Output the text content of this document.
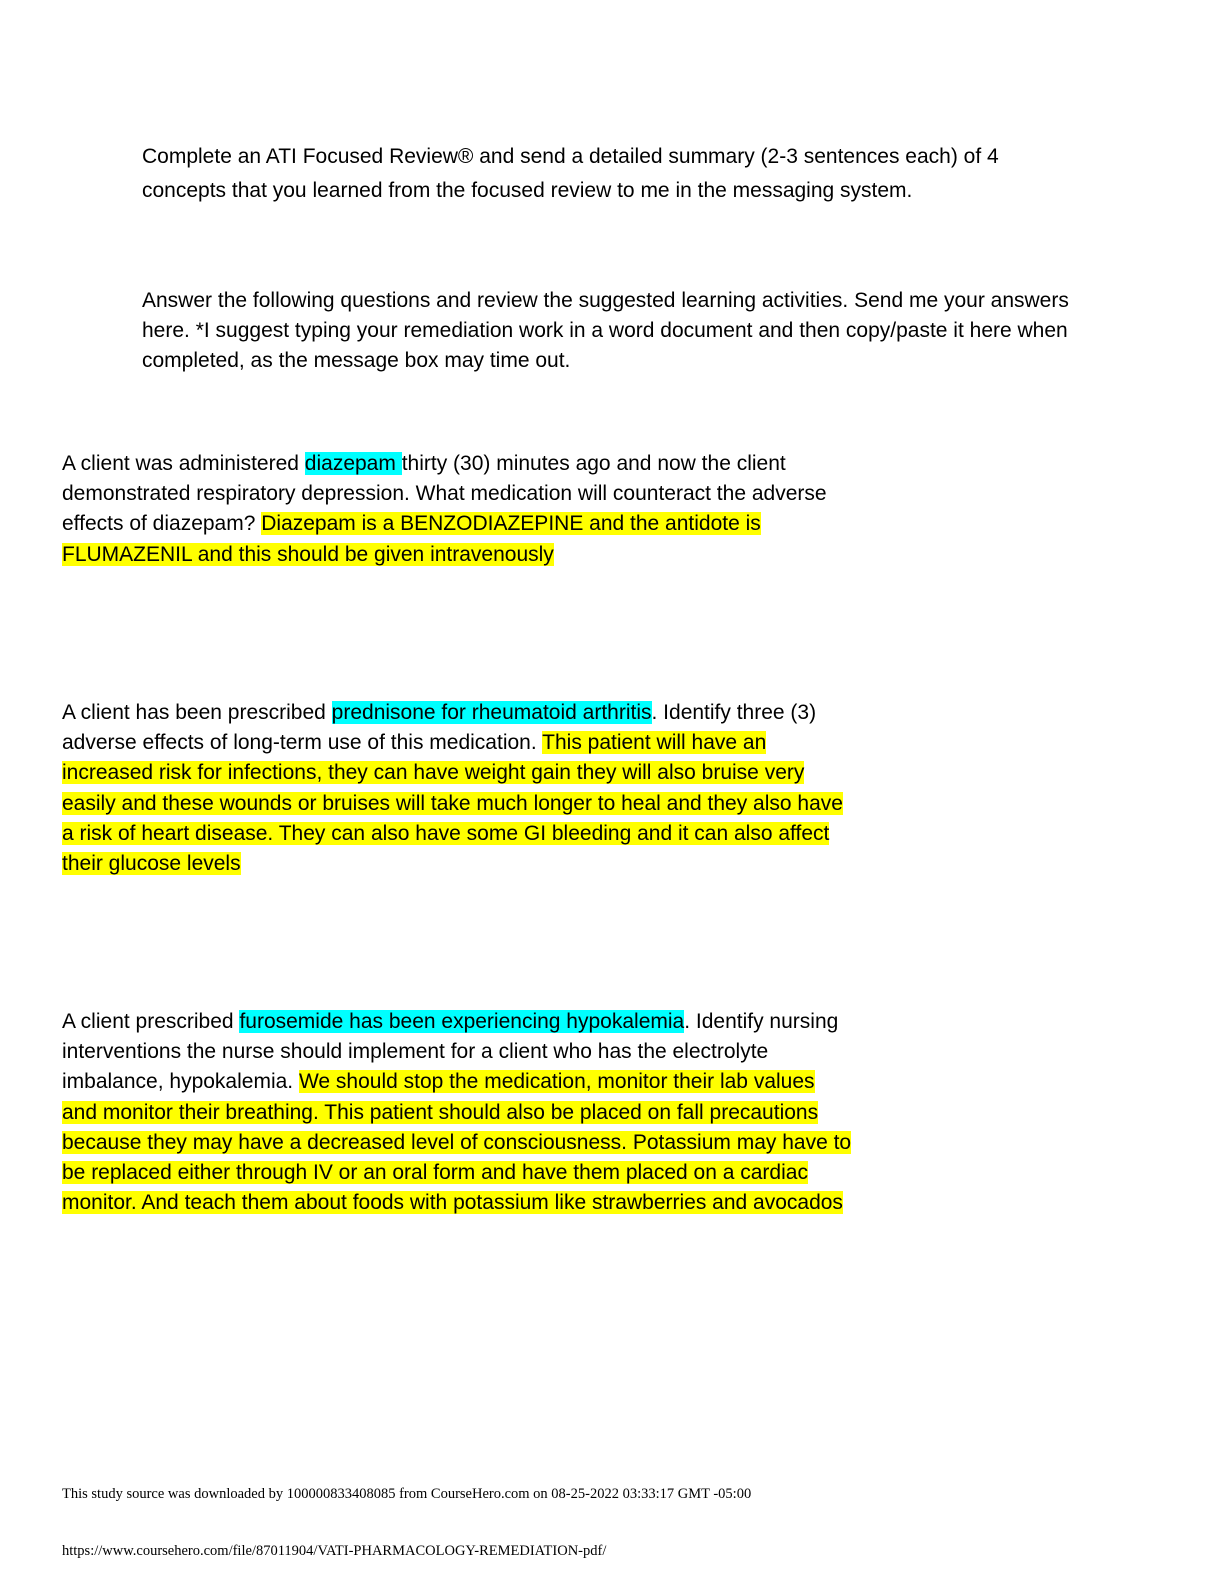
Complete an ATI Focused Review® and send a detailed summary (2-3 sentences each) of 4 concepts that you learned from the focused review to me in the messaging system.

Answer the following questions and review the suggested learning activities. Send me your answers here. *I suggest typing your remediation work in a word document and then copy/paste it here when completed, as the message box may time out.

A client was administered diazepam thirty (30) minutes ago and now the client demonstrated respiratory depression. What medication will counteract the adverse effects of diazepam? Diazepam is a BENZODIAZEPINE and the antidote is FLUMAZENIL and this should be given intravenously

A client has been prescribed prednisone for rheumatoid arthritis. Identify three (3) adverse effects of long-term use of this medication. This patient will have an increased risk for infections, they can have weight gain they will also bruise very easily and these wounds or bruises will take much longer to heal and they also have a risk of heart disease. They can also have some GI bleeding and it can also affect their glucose levels

A client prescribed furosemide has been experiencing hypokalemia. Identify nursing interventions the nurse should implement for a client who has the electrolyte imbalance, hypokalemia. We should stop the medication, monitor their lab values and monitor their breathing. This patient should also be placed on fall precautions because they may have a decreased level of consciousness. Potassium may have to be replaced either through IV or an oral form and have them placed on a cardiac monitor. And teach them about foods with potassium like strawberries and avocados

This study source was downloaded by 100000833408085 from CourseHero.com on 08-25-2022 03:33:17 GMT -05:00

https://www.coursehero.com/file/87011904/VATI-PHARMACOLOGY-REMEDIATION-pdf/
